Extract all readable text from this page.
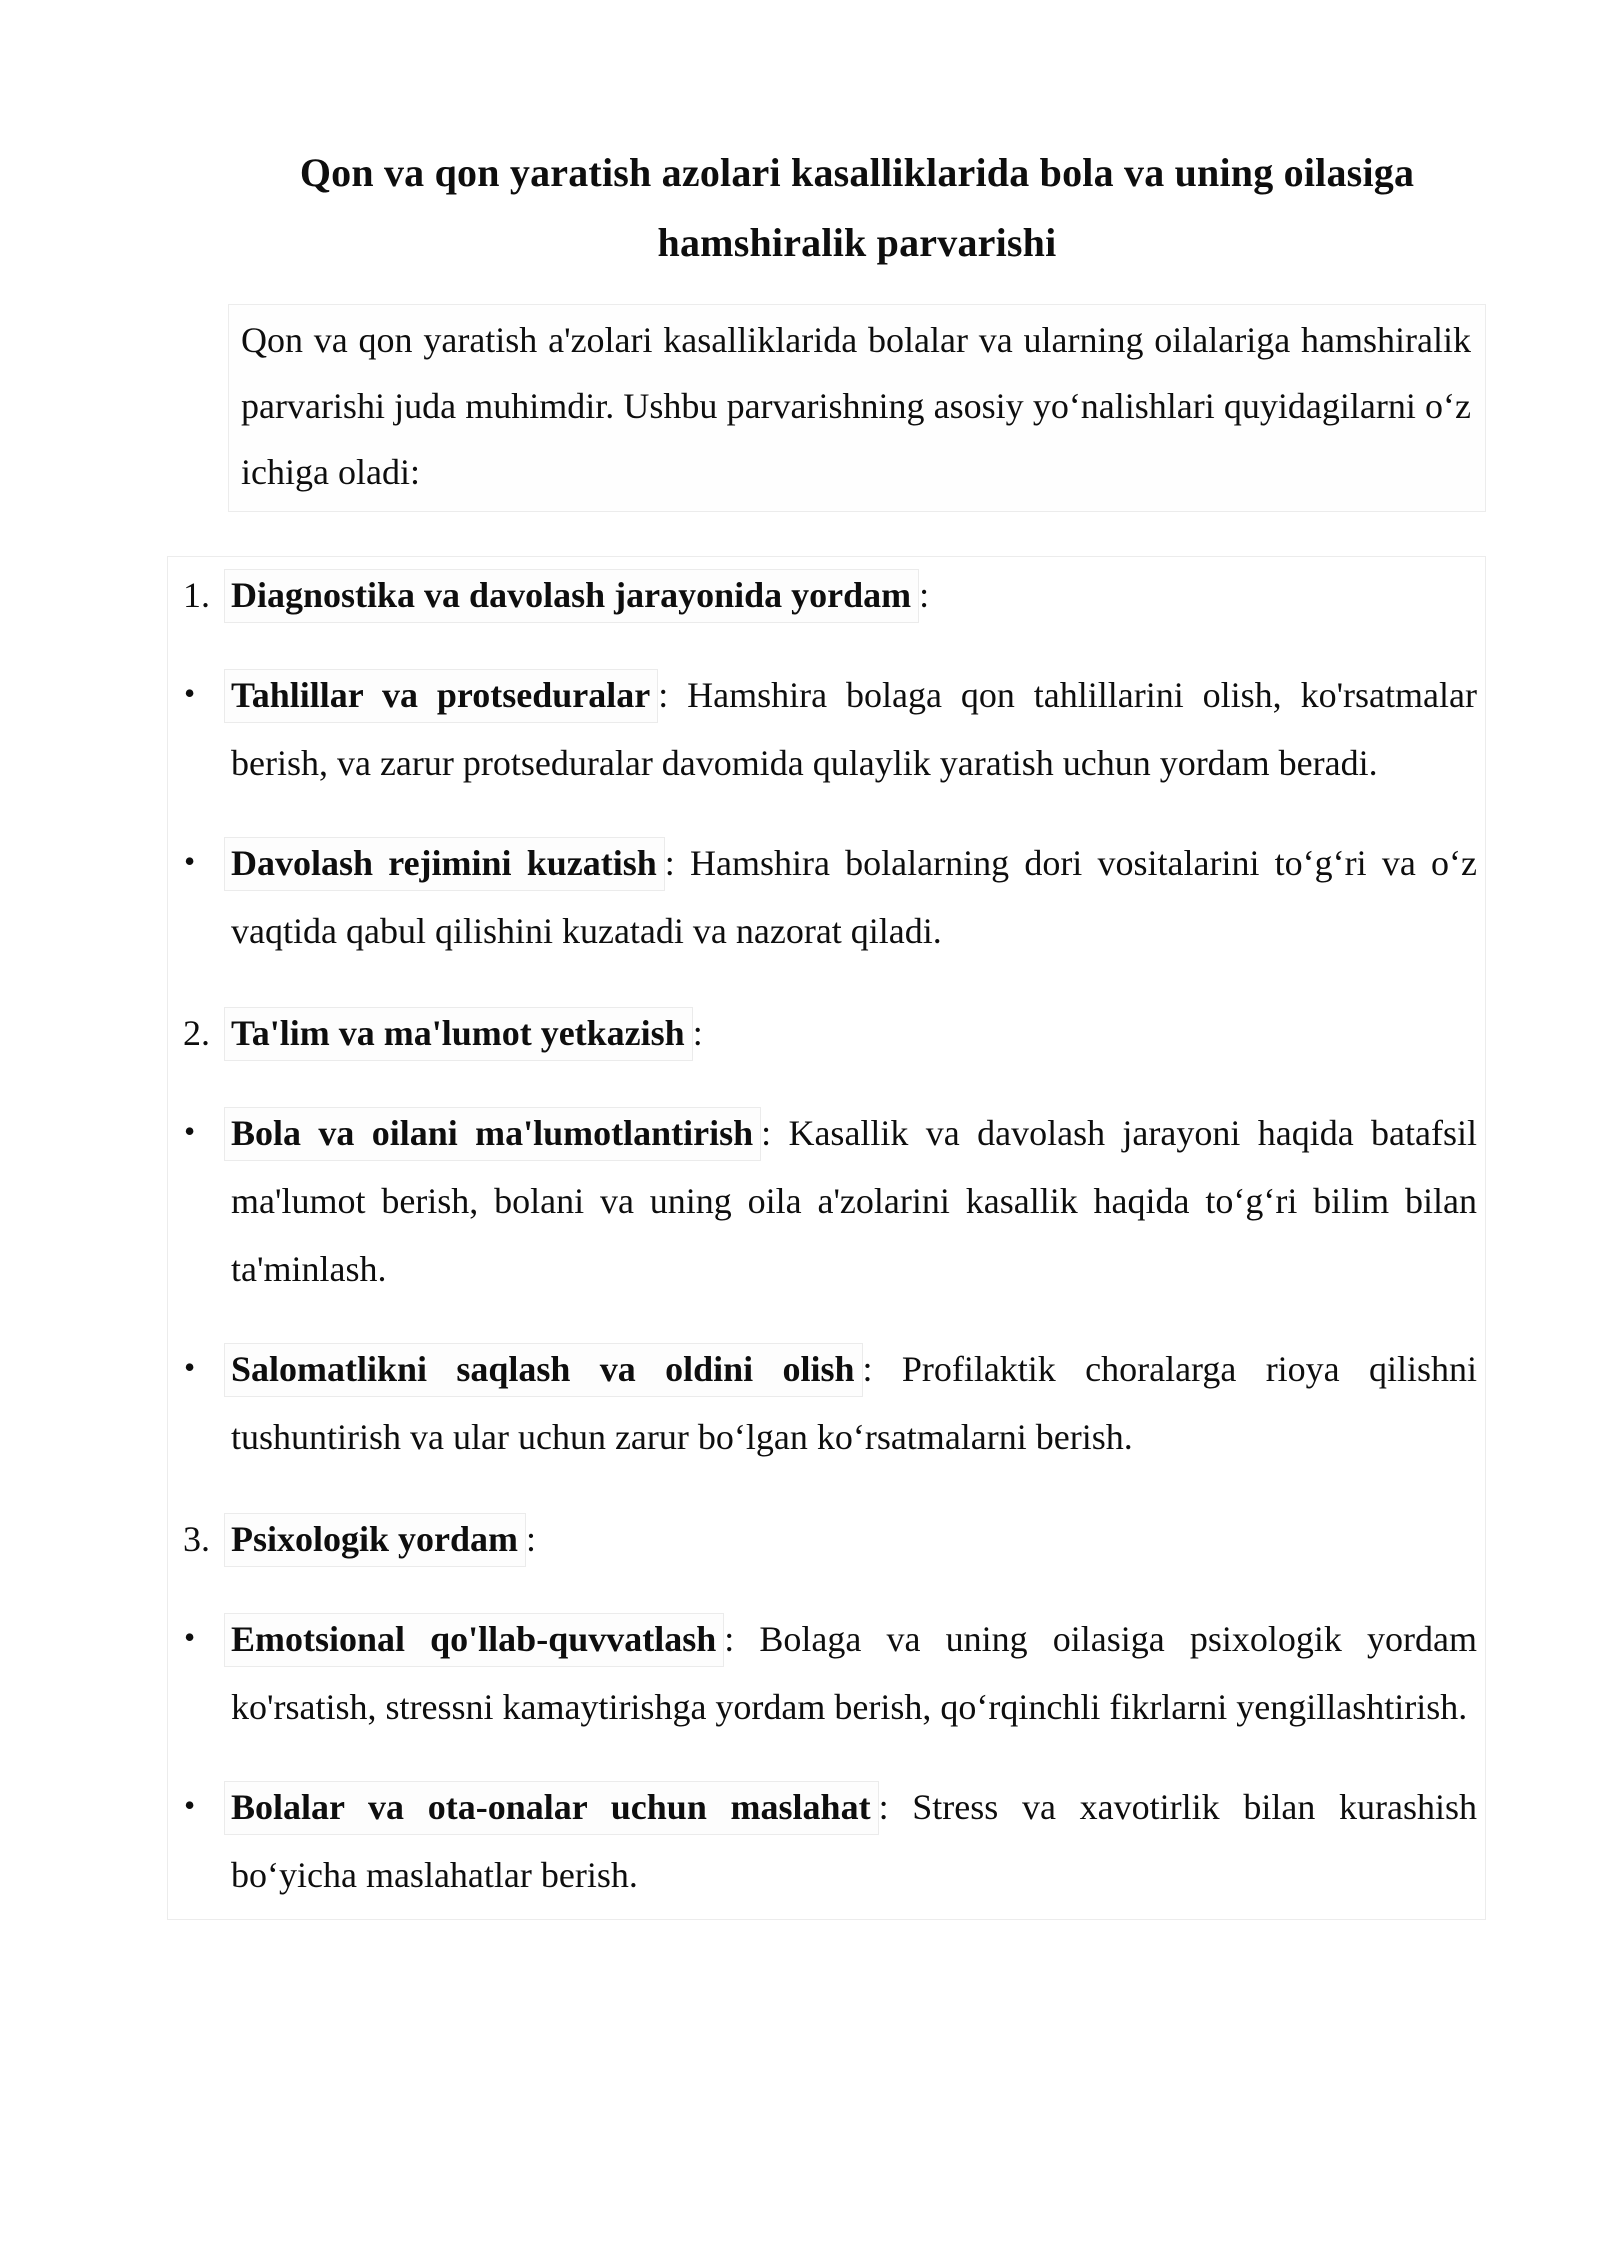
Qon va qon yaratish azolari kasalliklarida bola va uning oilasiga hamshiralik parvarishi
Qon va qon yaratish a'zolari kasalliklarida bolalar va ularning oilalariga hamshiralik parvarishi juda muhimdir. Ushbu parvarishning asosiy yoʻnalishlari quyidagilarni oʻz ichiga oladi:
1. Diagnostika va davolash jarayonida yordam :
• Tahlillar va protseduralar : Hamshira bolaga qon tahlillarini olish, ko'rsatmalar berish, va zarur protseduralar davomida qulaylik yaratish uchun yordam beradi.
• Davolash rejimini kuzatish : Hamshira bolalarning dori vositalarini toʻgʻri va oʻz vaqtida qabul qilishini kuzatadi va nazorat qiladi.
2. Ta'lim va ma'lumot yetkazish :
• Bola va oilani ma'lumotlantirish : Kasallik va davolash jarayoni haqida batafsil ma'lumot berish, bolani va uning oila a'zolarini kasallik haqida toʻgʻri bilim bilan ta'minlash.
• Salomatlikni saqlash va oldini olish : Profilaktik choralarga rioya qilishni tushuntirish va ular uchun zarur boʻlgan koʻrsatmalarni berish.
3. Psixologik yordam :
• Emotsional qo'llab-quvvatlash : Bolaga va uning oilasiga psixologik yordam ko'rsatish, stressni kamaytirishga yordam berish, qoʻrqinchli fikrlarni yengillashtirish.
• Bolalar va ota-onalar uchun maslahat : Stress va xavotirlik bilan kurashish boʻyicha maslahatlar berish.
